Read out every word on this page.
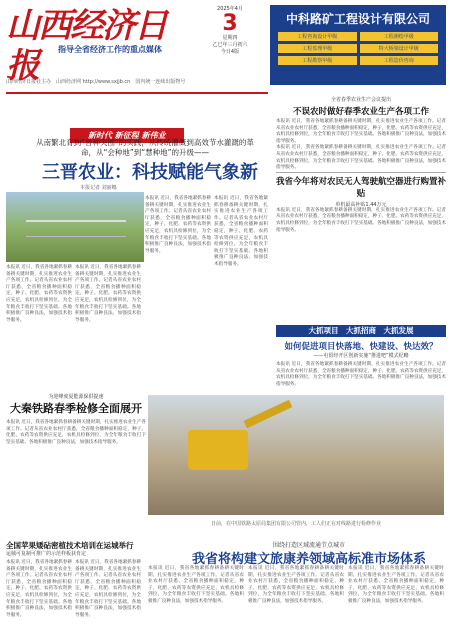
山西经济日报	指导全省经济工作的重点媒体
2025年4月
3
星期四
乙巳年三月初六
今日4版
中科路矿工程设计有限公司
工程咨询设计甲级	工程测绘甲级
工程监理甲级	特大桥梁设计甲级
工程勘察甲级	工程造价咨询
山西经济日报社主办　山西经济网 http://www.sxjjb.cn　国内统一连续出版物号
新时代 新征程 新伟业
从南繁北育到“晋种突围”的实践，从传统灌溉到高效节水灌溉的革命，从“会种地”到“慧种地”的升级——
三晋农业：科技赋能气象新
本报记者 刘丽娜
本报讯 近日，我省各地紧抓春耕备耕关键时期，扎实推进农业生产各项工作。记者从省农业农村厅获悉，全省粮食播种面积稳定，种子、化肥、农药等农资供应充足，农机具检修到位，为全年粮食丰收打下坚实基础。各地积极推广良种良法，加强技术指导服务。
本报讯 近日，我省各地紧抓春耕备耕关键时期，扎实推进农业生产各项工作。记者从省农业农村厅获悉，全省粮食播种面积稳定，种子、化肥、农药等农资供应充足，农机具检修到位，为全年粮食丰收打下坚实基础。各地积极推广良种良法，加强技术指导服务。
本报讯 近日，我省各地紧抓春耕备耕关键时期，扎实推进农业生产各项工作。记者从省农业农村厅获悉，全省粮食播种面积稳定，种子、化肥、农药等农资供应充足，农机具检修到位，为全年粮食丰收打下坚实基础。各地积极推广良种良法，加强技术指导服务。
本报讯 近日，我省各地紧抓春耕备耕关键时期，扎实推进农业生产各项工作。记者从省农业农村厅获悉，全省粮食播种面积稳定，种子、化肥、农药等农资供应充足，农机具检修到位，为全年粮食丰收打下坚实基础。各地积极推广良种良法，加强技术指导服务。
全省春季农业生产会议提出
不误农时做好春季农业生产各项工作
本报讯 近日，我省各地紧抓春耕备耕关键时期，扎实推进农业生产各项工作。记者从省农业农村厅获悉，全省粮食播种面积稳定，种子、化肥、农药等农资供应充足，农机具检修到位，为全年粮食丰收打下坚实基础。各地积极推广良种良法，加强技术指导服务。
本报讯 近日，我省各地紧抓春耕备耕关键时期，扎实推进农业生产各项工作。记者从省农业农村厅获悉，全省粮食播种面积稳定，种子、化肥、农药等农资供应充足，农机具检修到位，为全年粮食丰收打下坚实基础。各地积极推广良种良法，加强技术指导服务。
我省今年将对农民无人驾驶航空器进行购置补贴
单机最高补贴1.44万元
本报讯 近日，我省各地紧抓春耕备耕关键时期，扎实推进农业生产各项工作。记者从省农业农村厅获悉，全省粮食播种面积稳定，种子、化肥、农药等农资供应充足，农机具检修到位，为全年粮食丰收打下坚实基础。各地积极推广良种良法，加强技术指导服务。
大抓项目　大抓招商　大抓发展
如何促进项目快落地、快建设、快达效？
——屯留经开区创新实施“推进吧”模式纪略
本报讯 近日，我省各地紧抓春耕备耕关键时期，扎实推进农业生产各项工作。记者从省农业农村厅获悉，全省粮食播种面积稳定，种子、化肥、农药等农资供应充足，农机具检修到位，为全年粮食丰收打下坚实基础。各地积极推广良种良法，加强技术指导服务。
为迎峰度夏能源保供提速
大秦铁路春季检修全面展开
本报讯 近日，我省各地紧抓春耕备耕关键时期，扎实推进农业生产各项工作。记者从省农业农村厅获悉，全省粮食播种面积稳定，种子、化肥、农药等农资供应充足，农机具检修到位，为全年粮食丰收打下坚实基础。各地积极推广良种良法，加强技术指导服务。
日前，在中国铁路太原局集团有限公司管内，工人们正在对线路进行检修作业
全国苹果矮砧密植技术培训在运城举行
运城可复制可推广的示范样板获肯定
围绕打造区域流通节点城市
我省将构建文旅康养领域高标准市场体系
本报讯 近日，我省各地紧抓春耕备耕关键时期，扎实推进农业生产各项工作。记者从省农业农村厅获悉，全省粮食播种面积稳定，种子、化肥、农药等农资供应充足，农机具检修到位，为全年粮食丰收打下坚实基础。各地积极推广良种良法，加强技术指导服务。
本报讯 近日，我省各地紧抓春耕备耕关键时期，扎实推进农业生产各项工作。记者从省农业农村厅获悉，全省粮食播种面积稳定，种子、化肥、农药等农资供应充足，农机具检修到位，为全年粮食丰收打下坚实基础。各地积极推广良种良法，加强技术指导服务。
本报讯 近日，我省各地紧抓春耕备耕关键时期，扎实推进农业生产各项工作。记者从省农业农村厅获悉，全省粮食播种面积稳定，种子、化肥、农药等农资供应充足，农机具检修到位，为全年粮食丰收打下坚实基础。各地积极推广良种良法，加强技术指导服务。
本报讯 近日，我省各地紧抓春耕备耕关键时期，扎实推进农业生产各项工作。记者从省农业农村厅获悉，全省粮食播种面积稳定，种子、化肥、农药等农资供应充足，农机具检修到位，为全年粮食丰收打下坚实基础。各地积极推广良种良法，加强技术指导服务。
本报讯 近日，我省各地紧抓春耕备耕关键时期，扎实推进农业生产各项工作。记者从省农业农村厅获悉，全省粮食播种面积稳定，种子、化肥、农药等农资供应充足，农机具检修到位，为全年粮食丰收打下坚实基础。各地积极推广良种良法，加强技术指导服务。
